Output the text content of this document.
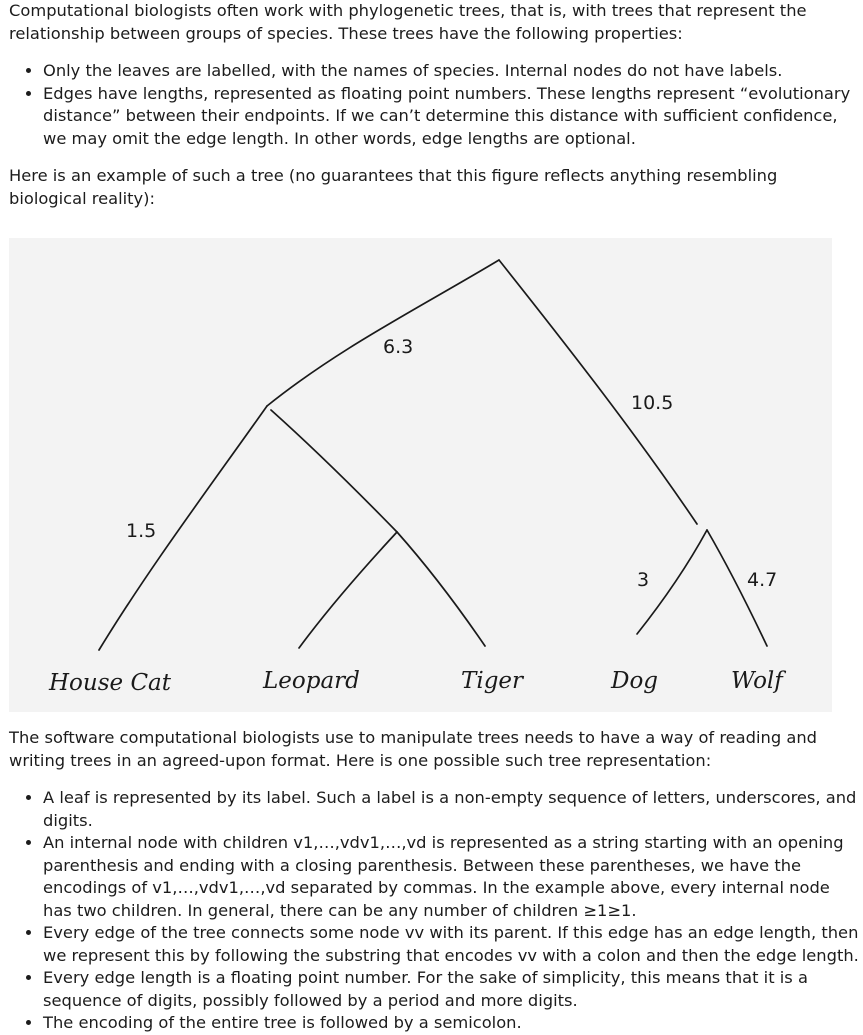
Computational biologists often work with phylogenetic trees, that is, with trees that represent the relationship between groups of species. These trees have the following properties:

• Only the leaves are labelled, with the names of species. Internal nodes do not have labels.
• Edges have lengths, represented as floating point numbers. These lengths represent “evolutionary distance” between their endpoints. If we can’t determine this distance with sufficient confidence, we may omit the edge length. In other words, edge lengths are optional.

Here is an example of such a tree (no guarantees that this figure reflects anything resembling biological reality):

6.3
10.5
1.5
3	4.7
House Cat	Leopard	Tiger	Dog	Wolf

The software computational biologists use to manipulate trees needs to have a way of reading and writing trees in an agreed-upon format. Here is one possible such tree representation:

• A leaf is represented by its label. Such a label is a non-empty sequence of letters, underscores, and digits.
• An internal node with children v1,…,vdv1,…,vd is represented as a string starting with an opening parenthesis and ending with a closing parenthesis. Between these parentheses, we have the encodings of v1,…,vdv1,…,vd separated by commas. In the example above, every internal node has two children. In general, there can be any number of children ≥1≥1.
• Every edge of the tree connects some node vv with its parent. If this edge has an edge length, then we represent this by following the substring that encodes vv with a colon and then the edge length.
• Every edge length is a floating point number. For the sake of simplicity, this means that it is a sequence of digits, possibly followed by a period and more digits.
• The encoding of the entire tree is followed by a semicolon.
